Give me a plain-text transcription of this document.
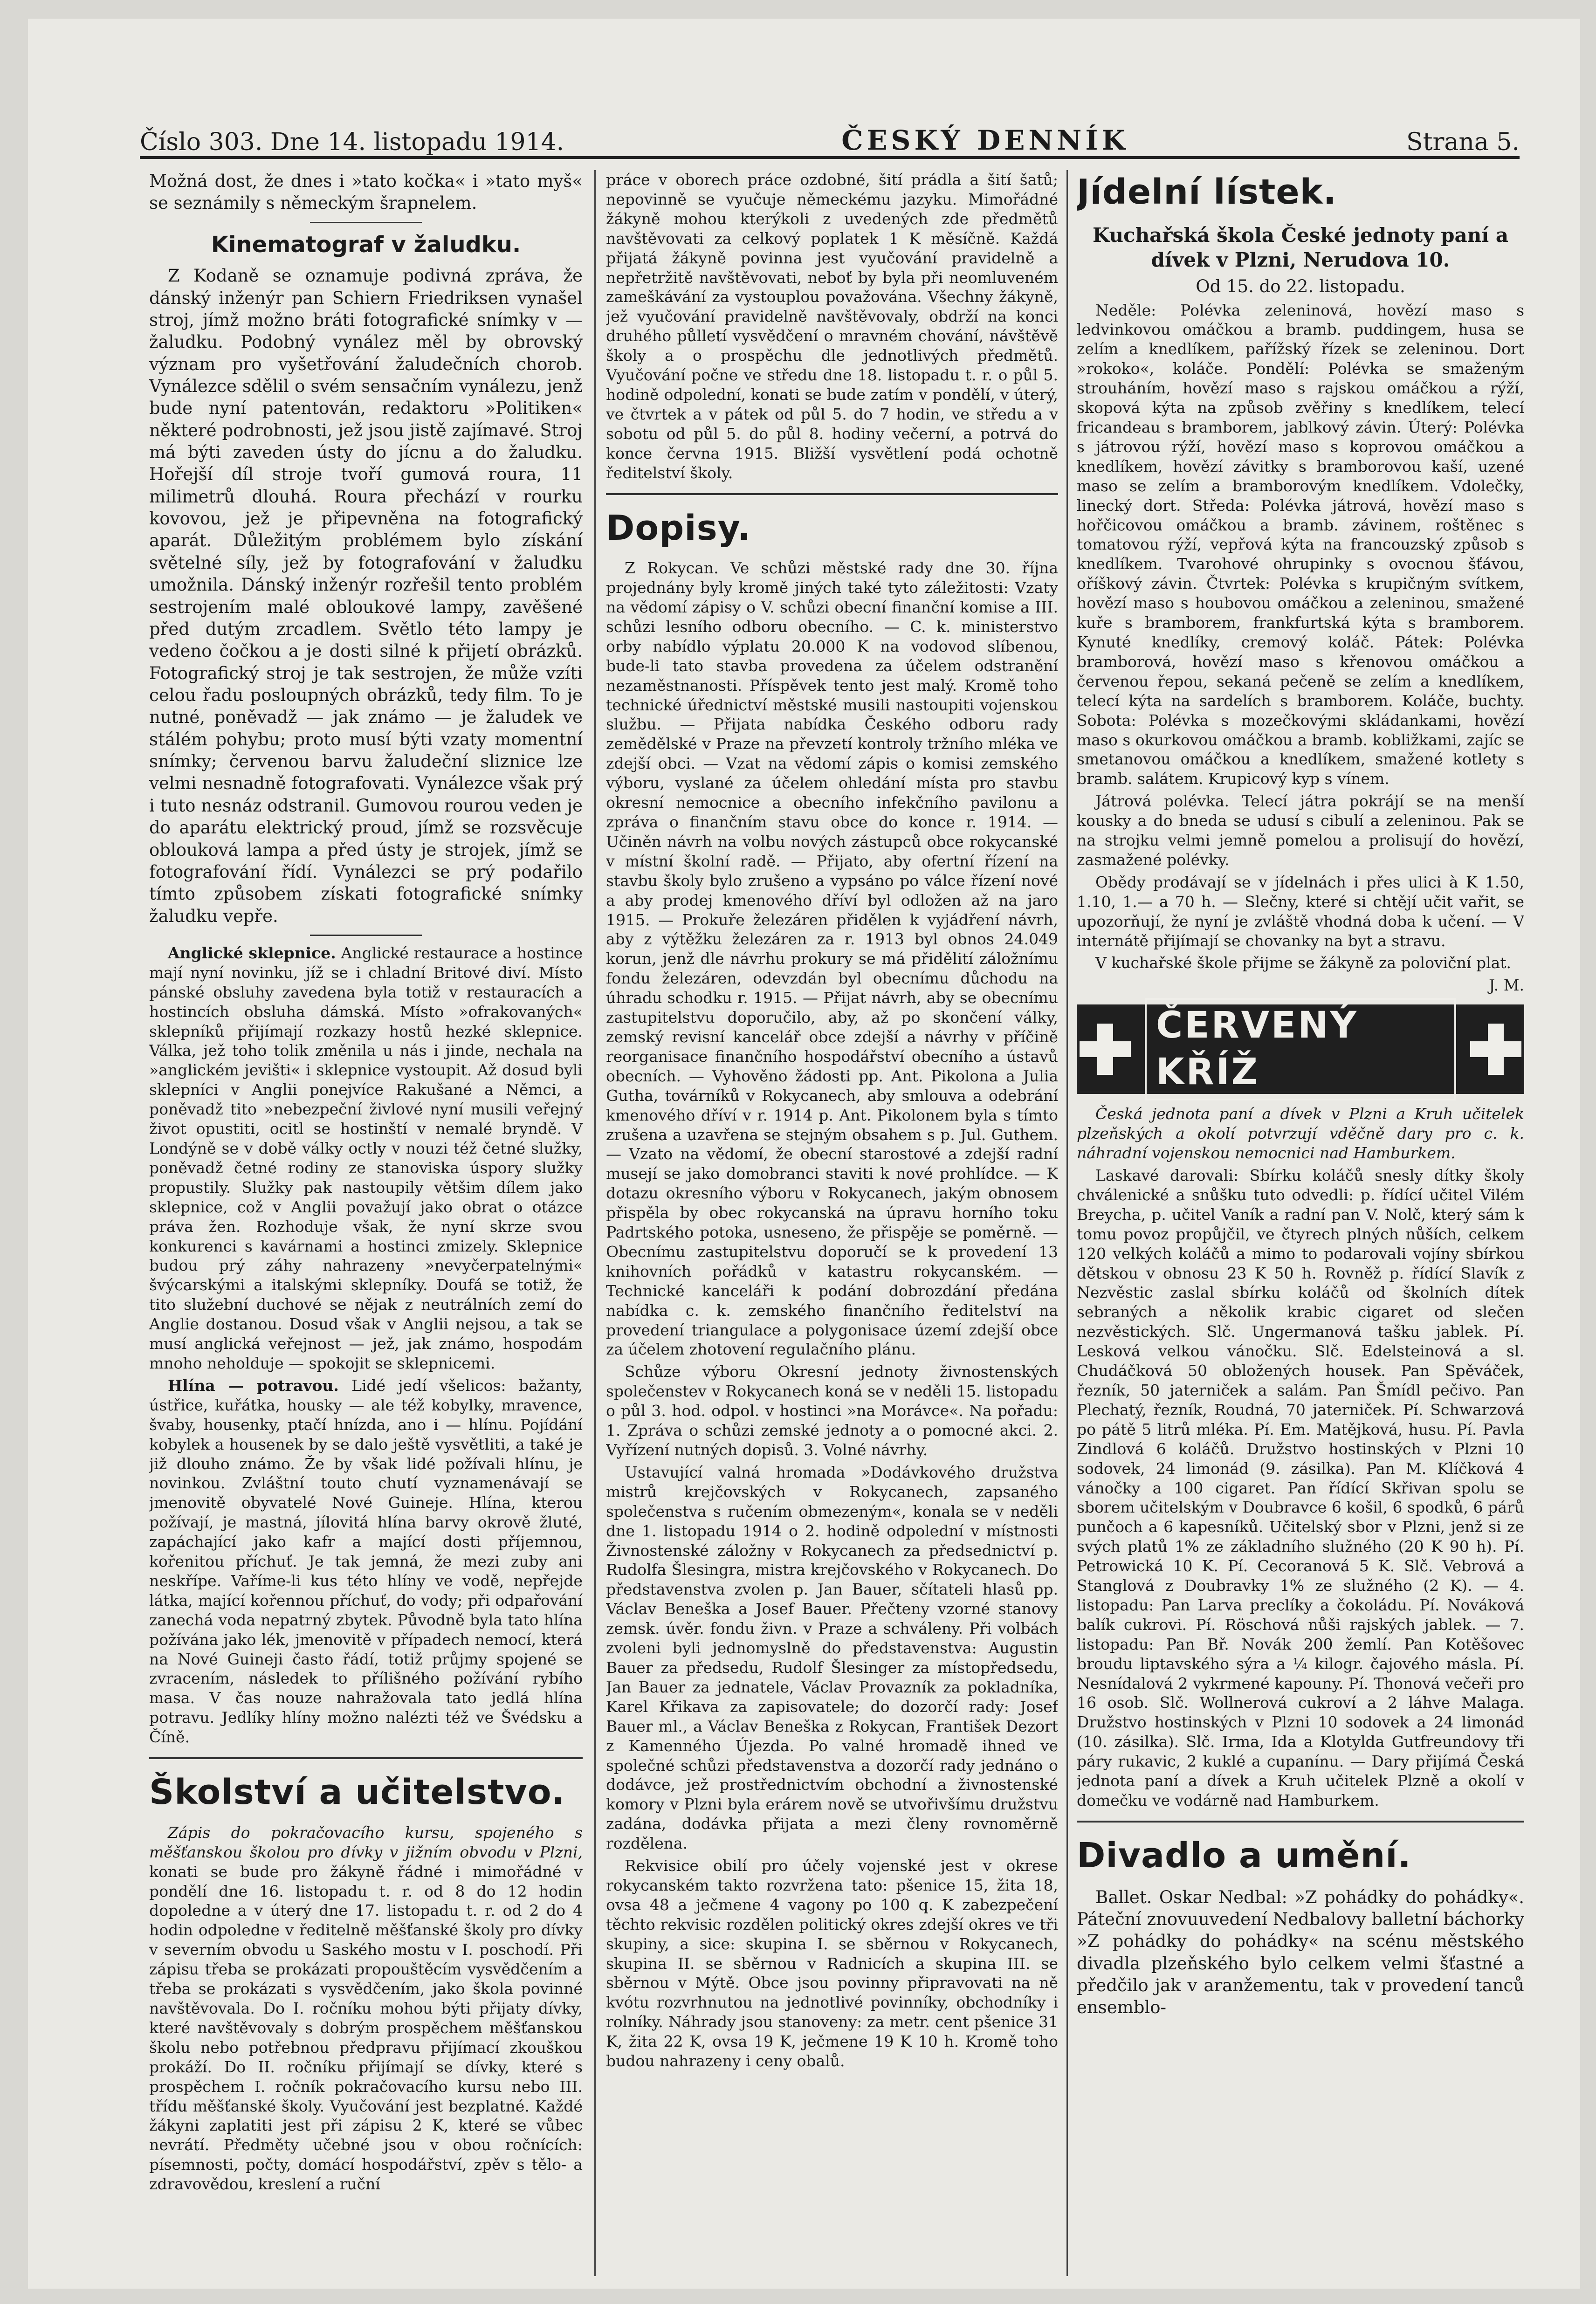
Číslo 303. Dne 14. listopadu 1914.	ČESKÝ DENNÍK	Strana 5.

Možná dost, že dnes i »tato kočka« i »tato myš« se seznámily s německým šrapnelem.

Kinematograf v žaludku.

Z Kodaně se oznamuje podivná zpráva, že dánský inženýr pan Schiern Friedriksen vynašel stroj, jímž možno bráti fotografické snímky v — žaludku. Podobný vynález měl by obrovský význam pro vyšetřování žaludečních chorob. Vynálezce sdělil o svém sensačním vynálezu, jenž bude nyní patentován, redaktoru »Politiken« některé podrobnosti, jež jsou jistě zajímavé. Stroj má býti zaveden ústy do jícnu a do žaludku. Hořejší díl stroje tvoří gumová roura, 11 milimetrů dlouhá. Roura přechází v rourku kovovou, jež je připevněna na fotografický aparát. Důležitým problémem bylo získání světelné síly, jež by fotografování v žaludku umožnila. Dánský inženýr rozřešil tento problém sestrojením malé obloukové lampy, zavěšené před dutým zrcadlem. Světlo této lampy je vedeno čočkou a je dosti silné k přijetí obrázků. Fotografický stroj je tak sestrojen, že může vzíti celou řadu posloupných obrázků, tedy film. To je nutné, poněvadž — jak známo — je žaludek ve stálém pohybu; proto musí býti vzaty momentní snímky; červenou barvu žaludeční sliznice lze velmi nesnadně fotografovati. Vynálezce však prý i tuto nesnáz odstranil. Gumovou rourou veden je do aparátu elektrický proud, jímž se rozsvěcuje oblouková lampa a před ústy je strojek, jímž se fotografování řídí. Vynálezci se prý podařilo tímto způsobem získati fotografické snímky žaludku vepře.

Anglické sklepnice. Anglické restaurace a hostince mají nyní novinku, jíž se i chladní Britové diví. Místo pánské obsluhy zavedena byla totiž v restauracích a hostincích obsluha dámská. Místo »ofrakovaných« sklepníků přijímají rozkazy hostů hezké sklepnice. Válka, jež toho tolik změnila u nás i jinde, nechala na »anglickém jevišti« i sklepnice vystoupit. Až dosud byli sklepníci v Anglii ponejvíce Rakušané a Němci, a poněvadž tito »nebezpeční živlové nyní musili veřejný život opustiti, ocitl se hostinští v nemalé bryndě. V Londýně se v době války octly v nouzi též četné služky, poněvadž četné rodiny ze stanoviska úspory služky propustily. Služky pak nastoupily většim dílem jako sklepnice, což v Anglii považují jako obrat o otázce práva žen. Rozhoduje však, že nyní skrze svou konkurenci s kavárnami a hostinci zmizely. Sklepnice budou prý záhy nahrazeny »nevyčerpatelnými« švýcarskými a italskými sklepníky. Doufá se totiž, že tito služební duchové se nějak z neutrálních zemí do Anglie dostanou. Dosud však v Anglii nejsou, a tak se musí anglická veřejnost — jež, jak známo, hospodám mnoho neholduje — spokojit se sklepnicemi.

Hlína — potravou. Lidé jedí všelicos: bažanty, ústřice, kuřátka, housky — ale též kobylky, mravence, švaby, housenky, ptačí hnízda, ano i — hlínu. Pojídání kobylek a housenek by se dalo ještě vysvětliti, a také je již dlouho známo. Že by však lidé požívali hlínu, je novinkou. Zvláštní touto chutí vyznamenávají se jmenovitě obyvatelé Nové Guineje. Hlína, kterou požívají, je mastná, jílovitá hlína barvy okrově žluté, zapáchající jako kafr a mající dosti příjemnou, kořenitou příchuť. Je tak jemná, že mezi zuby ani neskřípe. Vaříme-li kus této hlíny ve vodě, nepřejde látka, mající kořennou příchuť, do vody; při odpařování zanechá voda nepatrný zbytek. Původně byla tato hlína požívána jako lék, jmenovitě v případech nemocí, která na Nové Guineji často řádí, totiž průjmy spojené se zvracením, následek to přílišného požívání rybího masa. V čas nouze nahražovala tato jedlá hlína potravu. Jedlíky hlíny možno nalézti též ve Švédsku a Číně.

Školství a učitelstvo.

Zápis do pokračovacího kursu, spojeného s měšťanskou školou pro dívky v jižním obvodu v Plzni, konati se bude pro žákyně řádné i mimořádné v pondělí dne 16. listopadu t. r. od 8 do 12 hodin dopoledne a v úterý dne 17. listopadu t. r. od 2 do 4 hodin odpoledne v ředitelně měšťanské školy pro dívky v severním obvodu u Saského mostu v I. poschodí. Při zápisu třeba se prokázati propouštěcím vysvědčením a třeba se prokázati s vysvědčením, jako škola povinné navštěvovala. Do I. ročníku mohou býti přijaty dívky, které navštěvovaly s dobrým prospěchem měšťanskou školu nebo potřebnou předpravu přijímací zkouškou prokáží. Do II. ročníku přijímají se dívky, které s prospěchem I. ročník pokračovacího kursu nebo III. třídu měšťanské školy. Vyučování jest bezplatné. Každé žákyni zaplatiti jest při zápisu 2 K, které se vůbec nevrátí. Předměty učebné jsou v obou ročnících: písemnosti, počty, domácí hospodářství, zpěv s tělo- a zdravovědou, kreslení a ruční

práce v oborech práce ozdobné, šití prádla a šití šatů; nepovinně se vyučuje německému jazyku. Mimořádné žákyně mohou kterýkoli z uvedených zde předmětů navštěvovati za celkový poplatek 1 K měsíčně. Každá přijatá žákyně povinna jest vyučování pravidelně a nepřetržitě navštěvovati, neboť by byla při neomluveném zameškávání za vystouplou považována. Všechny žákyně, jež vyučování pravidelně navštěvovaly, obdrží na konci druhého půlletí vysvědčení o mravném chování, návštěvě školy a o prospěchu dle jednotlivých předmětů. Vyučování počne ve středu dne 18. listopadu t. r. o půl 5. hodině odpolední, konati se bude zatím v pondělí, v úterý, ve čtvrtek a v pátek od půl 5. do 7 hodin, ve středu a v sobotu od půl 5. do půl 8. hodiny večerní, a potrvá do konce června 1915. Bližší vysvětlení podá ochotně ředitelství školy.

Dopisy.

Z Rokycan. Ve schůzi městské rady dne 30. října projednány byly kromě jiných také tyto záležitosti: Vzaty na vědomí zápisy o V. schůzi obecní finanční komise a III. schůzi lesního odboru obecního. — C. k. ministerstvo orby nabídlo výplatu 20.000 K na vodovod slíbenou, bude-li tato stavba provedena za účelem odstranění nezaměstnanosti. Příspěvek tento jest malý. Kromě toho technické úřednictví městské musili nastoupiti vojenskou službu. — Přijata nabídka Českého odboru rady zemědělské v Praze na převzetí kontroly tržního mléka ve zdejší obci. — Vzat na vědomí zápis o komisi zemského výboru, vyslané za účelem ohledání místa pro stavbu okresní nemocnice a obecního infekčního pavilonu a zpráva o finančním stavu obce do konce r. 1914. — Učiněn návrh na volbu nových zástupců obce rokycanské v místní školní radě. — Přijato, aby ofertní řízení na stavbu školy bylo zrušeno a vypsáno po válce řízení nové a aby prodej kmenového dříví byl odložen až na jaro 1915. — Prokuře železáren přidělen k vyjádření návrh, aby z výtěžku železáren za r. 1913 byl obnos 24.049 korun, jenž dle návrhu prokury se má přidělití záložnímu fondu železáren, odevzdán byl obecnímu důchodu na úhradu schodku r. 1915. — Přijat návrh, aby se obecnímu zastupitelstvu doporučilo, aby, až po skončení války, zemský revisní kancelář obce zdejší a návrhy v příčině reorganisace finančního hospodářství obecního a ústavů obecních. — Vyhověno žádosti pp. Ant. Pikolona a Julia Gutha, továrníků v Rokycanech, aby smlouva a odebrání kmenového dříví v r. 1914 p. Ant. Pikolonem byla s tímto zrušena a uzavřena se stejným obsahem s p. Jul. Guthem. — Vzato na vědomí, že obecní starostové a zdejší radní musejí se jako domobranci staviti k nové prohlídce. — K dotazu okresního výboru v Rokycanech, jakým obnosem přispěla by obec rokycanská na úpravu horního toku Padrtského potoka, usneseno, že přispěje se poměrně. — Obecnímu zastupitelstvu doporučí se k provedení 13 knihovních pořádků v katastru rokycanském. — Technické kanceláři k podání dobrozdání předána nabídka c. k. zemského finančního ředitelství na provedení triangulace a polygonisace území zdejší obce za účelem zhotovení regulačního plánu.

Schůze výboru Okresní jednoty živnostenských společenstev v Rokycanech koná se v neděli 15. listopadu o půl 3. hod. odpol. v hostinci »na Morávce«. Na pořadu: 1. Zpráva o schůzi zemské jednoty a o pomocné akci. 2. Vyřízení nutných dopisů. 3. Volné návrhy.

Ustavující valná hromada »Dodávkového družstva mistrů krejčovských v Rokycanech, zapsaného společenstva s ručením obmezeným«, konala se v neděli dne 1. listopadu 1914 o 2. hodině odpolední v místnosti Živnostenské záložny v Rokycanech za předsednictví p. Rudolfa Šlesingra, mistra krejčovského v Rokycanech. Do představenstva zvolen p. Jan Bauer, sčítateli hlasů pp. Václav Beneška a Josef Bauer. Přečteny vzorné stanovy zemsk. úvěr. fondu živn. v Praze a schváleny. Při volbách zvoleni byli jednomyslně do představenstva: Augustin Bauer za předsedu, Rudolf Šlesinger za místopředsedu, Jan Bauer za jednatele, Václav Provazník za pokladníka, Karel Křikava za zapisovatele; do dozorčí rady: Josef Bauer ml., a Václav Beneška z Rokycan, František Dezort z Kamenného Újezda. Po valné hromadě ihned ve společné schůzi představenstva a dozorčí rady jednáno o dodávce, jež prostřednictvím obchodní a živnostenské komory v Plzni byla erárem nově se utvořivšímu družstvu zadána, dodávka přijata a mezi členy rovnoměrně rozdělena.

Rekvisice obilí pro účely vojenské jest v okrese rokycanském takto rozvržena tato: pšenice 15, žita 18, ovsa 48 a ječmene 4 vagony po 100 q. K zabezpečení těchto rekvisic rozdělen politický okres zdejší okres ve tři skupiny, a sice: skupina I. se sběrnou v Rokycanech, skupina II. se sběrnou v Radnicích a skupina III. se sběrnou v Mýtě. Obce jsou povinny připravovati na ně kvótu rozvrhnutou na jednotlivé povinníky, obchodníky i rolníky. Náhrady jsou stanoveny: za metr. cent pšenice 31 K, žita 22 K, ovsa 19 K, ječmene 19 K 10 h. Kromě toho budou nahrazeny i ceny obalů.

Jídelní lístek.

Kuchařská škola České jednoty paní a dívek v Plzni, Nerudova 10.

Od 15. do 22. listopadu.

Neděle: Polévka zeleninová, hovězí maso s ledvinkovou omáčkou a bramb. puddingem, husa se zelím a knedlíkem, pařížský řízek se zeleninou. Dort »rokoko«, koláče. Pondělí: Polévka se smaženým strouháním, hovězí maso s rajskou omáčkou a rýží, skopová kýta na způsob zvěřiny s knedlíkem, telecí fricandeau s bramborem, jablkový závin. Úterý: Polévka s játrovou rýží, hovězí maso s koprovou omáčkou a knedlíkem, hovězí závitky s bramborovou kaší, uzené maso se zelím a bramborovým knedlíkem. Vdolečky, linecký dort. Středa: Polévka játrová, hovězí maso s hořčicovou omáčkou a bramb. závinem, roštěnec s tomatovou rýží, vepřová kýta na francouzský způsob s knedlíkem. Tvarohové ohrupinky s ovocnou šťávou, oříškový závin. Čtvrtek: Polévka s krupičným svítkem, hovězí maso s houbovou omáčkou a zeleninou, smažené kuře s bramborem, frankfurtská kýta s bramborem. Kynuté knedlíky, cremový koláč. Pátek: Polévka bramborová, hovězí maso s křenovou omáčkou a červenou řepou, sekaná pečeně se zelím a knedlíkem, telecí kýta na sardelích s bramborem. Koláče, buchty. Sobota: Polévka s mozečkovými skládankami, hovězí maso s okurkovou omáčkou a bramb. kobližkami, zajíc se smetanovou omáčkou a knedlíkem, smažené kotlety s bramb. salátem. Krupicový kyp s vínem.

Játrová polévka. Telecí játra pokrájí se na menší kousky a do bneda se udusí s cibulí a zeleninou. Pak se na strojku velmi jemně pomelou a prolisují do hovězí, zasmažené polévky.

Obědy prodávají se v jídelnách i přes ulici à K 1.50, 1.10, 1.— a 70 h. — Slečny, které si chtějí učit vařit, se upozorňují, že nyní je zvláště vhodná doba k učení. — V internátě přijímají se chovanky na byt a stravu.

V kuchařské škole přijme se žákyně za poloviční plat.

J. M.

ČERVENÝ KŘÍŽ

Česká jednota paní a dívek v Plzni a Kruh učitelek plzeňských a okolí potvrzují vděčně dary pro c. k. náhradní vojenskou nemocnici nad Hamburkem.

Laskavé darovali: Sbírku koláčů snesly dítky školy chválenické a snůšku tuto odvedli: p. řídící učitel Vilém Breycha, p. učitel Vaník a radní pan V. Nolč, který sám k tomu povoz propůjčil, ve čtyrech plných nůších, celkem 120 velkých koláčů a mimo to podarovali vojíny sbírkou dětskou v obnosu 23 K 50 h. Rovněž p. řídící Slavík z Nezvěstic zaslal sbírku koláčů od školních dítek sebraných a několik krabic cigaret od slečen nezvěstických. Slč. Ungermanová tašku jablek. Pí. Lesková velkou vánočku. Slč. Edelsteinová a sl. Chudáčková 50 obložených housek. Pan Spěváček, řezník, 50 jaterniček a salám. Pan Šmídl pečivo. Pan Plechatý, řezník, Roudná, 70 jaterniček. Pí. Schwarzová po pátě 5 litrů mléka. Pí. Em. Matějková, husu. Pí. Pavla Zindlová 6 koláčů. Družstvo hostinských v Plzni 10 sodovek, 24 limonád (9. zásilka). Pan M. Klíčková 4 vánočky a 100 cigaret. Pan řídící Skřivan spolu se sborem učitelským v Doubravce 6 košil, 6 spodků, 6 párů punčoch a 6 kapesníků. Učitelský sbor v Plzni, jenž si ze svých platů 1% ze základního služného (20 K 90 h). Pí. Petrowická 10 K. Pí. Cecoranová 5 K. Slč. Vebrová a Stanglová z Doubravky 1% ze služného (2 K). — 4. listopadu: Pan Larva preclíky a čokoládu. Pí. Nováková balík cukrovi. Pí. Röschová nůši rajských jablek. — 7. listopadu: Pan Bř. Novák 200 žemlí. Pan Kotěšovec broudu liptavského sýra a ¼ kilogr. čajového másla. Pí. Nesnídalová 2 vykrmené kapouny. Pí. Thonová večeři pro 16 osob. Slč. Wollnerová cukroví a 2 láhve Malaga. Družstvo hostinských v Plzni 10 sodovek a 24 limonád (10. zásilka). Slč. Irma, Ida a Klotylda Gutfreundovy tři páry rukavic, 2 kuklé a cupanínu. — Dary přijímá Česká jednota paní a dívek a Kruh učitelek Plzně a okolí v domečku ve vodárně nad Hamburkem.

Divadlo a umění.

Ballet. Oskar Nedbal: »Z pohádky do pohádky«. Páteční znovuuvedení Nedbalovy balletní báchorky »Z pohádky do pohádky« na scénu městského divadla plzeňského bylo celkem velmi šťastné a předčilo jak v aranžementu, tak v provedení tanců ensemblo-
